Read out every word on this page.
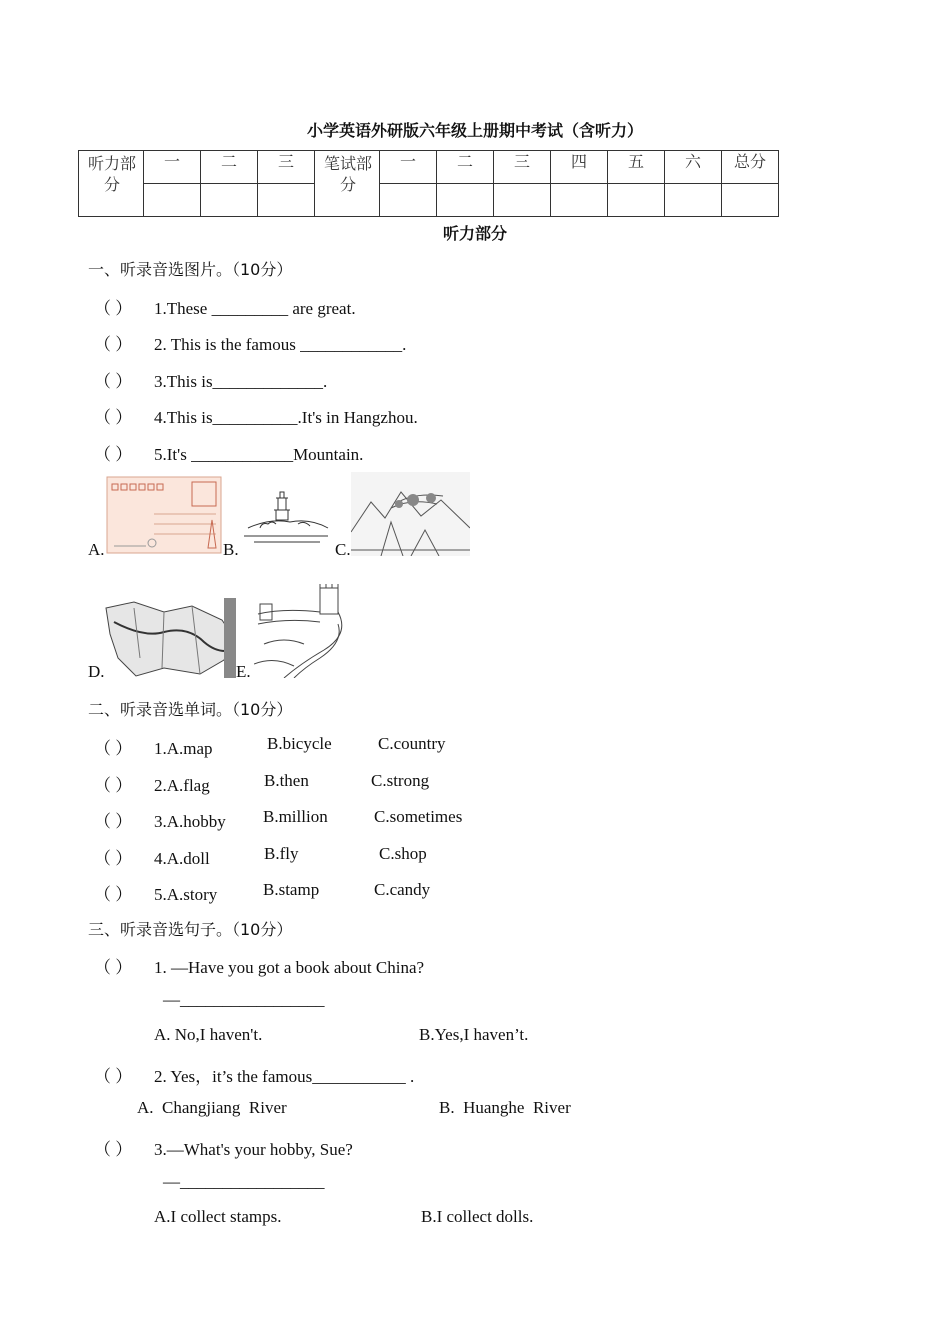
小学英语外研版六年级上册期中考试（含听力）
听力部分	一	二	三	笔试部分	一	二	三	四	五	六	总分

听力部分
一、听录音选图片。（10分）
（ ） 1.These _________ are great.
（ ） 2. This is the famous ____________.
（ ） 3.This is_____________.
（ ） 4.This is__________.It's in Hangzhou.
（ ） 5.It's ____________Mountain.
A.	B.	C.
D.	E.
二、听录音选单词。（10分）
（ ） 1.A.map	B.bicycle	C.country
（ ） 2.A.flag	B.then	C.strong
（ ） 3.A.hobby B.million	C.sometimes
（ ） 4.A.doll	B.fly	C.shop
（ ） 5.A.story	B.stamp	C.candy
三、听录音选句子。（10分）
（ ） 1. —Have you got a book about China?
—_________________
A. No,I haven't.	B.Yes,I haven’t.
（ ） 2. Yes，it’s the famous___________ .
A.  Changjiang  River	B.  Huanghe  River
（ ） 3.—What's your hobby, Sue?
—_________________
A.I collect stamps.	B.I collect dolls.
